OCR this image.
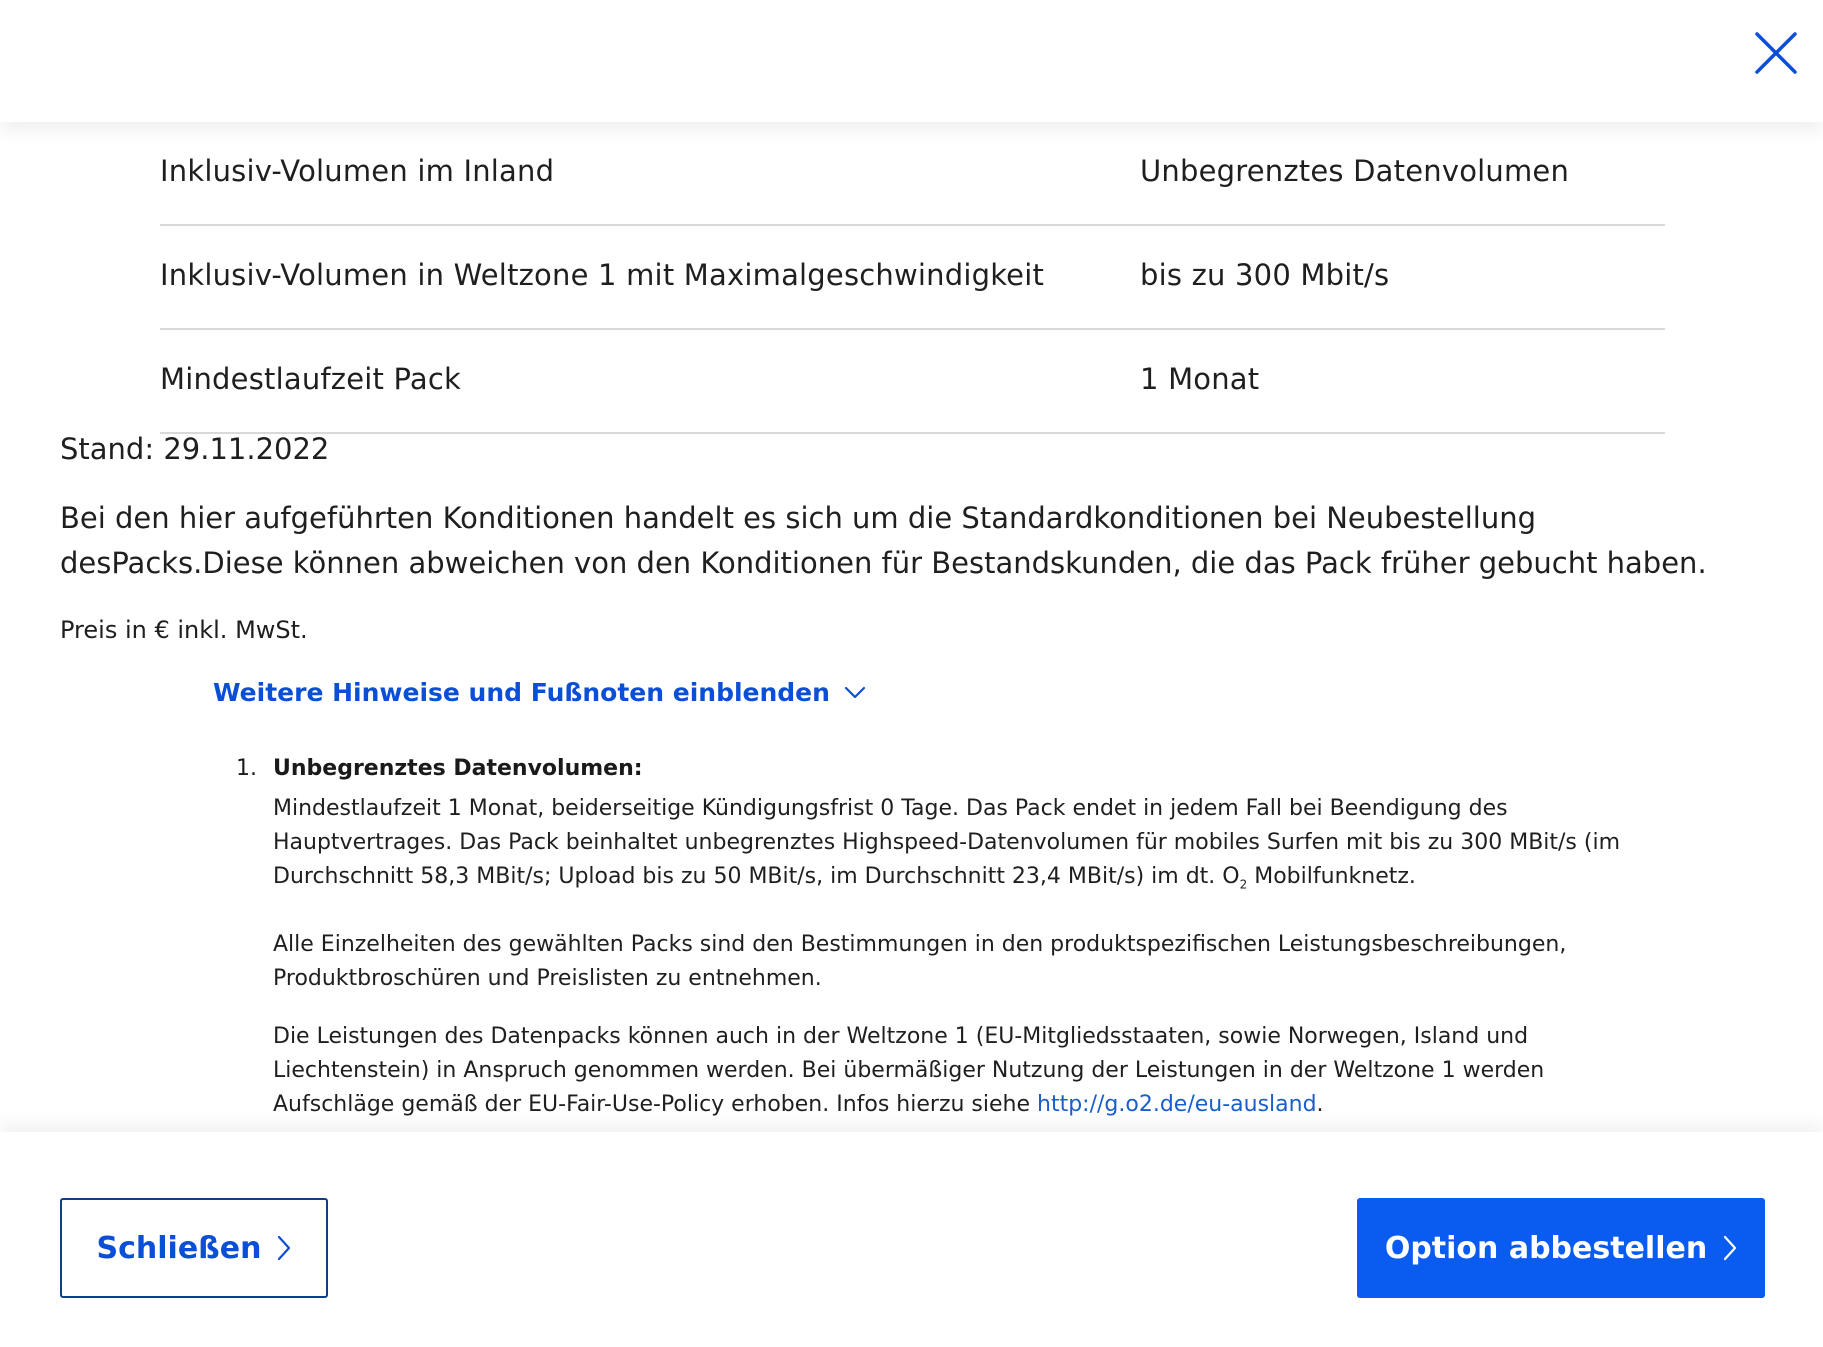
Inklusiv-Volumen im Inland	Unbegrenztes Datenvolumen
Inklusiv-Volumen in Weltzone 1 mit Maximalgeschwindigkeit	bis zu 300 Mbit/s
Mindestlaufzeit Pack	1 Monat
Stand: 29.11.2022
Bei den hier aufgeführten Konditionen handelt es sich um die Standardkonditionen bei Neubestellung desPacks.Diese können abweichen von den Konditionen für Bestandskunden, die das Pack früher gebucht haben.
Preis in € inkl. MwSt.
Weitere Hinweise und Fußnoten einblenden
1. Unbegrenztes Datenvolumen:

Mindestlaufzeit 1 Monat, beiderseitige Kündigungsfrist 0 Tage. Das Pack endet in jedem Fall bei Beendigung des Hauptvertrages. Das Pack beinhaltet unbegrenztes Highspeed-Datenvolumen für mobiles Surfen mit bis zu 300 MBit/s (im Durchschnitt 58,3 MBit/s; Upload bis zu 50 MBit/s, im Durchschnitt 23,4 MBit/s) im dt. $O_2$ Mobilfunknetz.

Alle Einzelheiten des gewählten Packs sind den Bestimmungen in den produktspezifischen Leistungsbeschreibungen, Produktbroschüren und Preislisten zu entnehmen.

Die Leistungen des Datenpacks können auch in der Weltzone 1 (EU-Mitgliedsstaaten, sowie Norwegen, Island und Liechtenstein) in Anspruch genommen werden. Bei übermäßiger Nutzung der Leistungen in der Weltzone 1 werden Aufschläge gemäß der EU-Fair-Use-Policy erhoben. Infos hierzu siehe http://g.o2.de/eu-ausland.

Schließen	Option abbestellen
